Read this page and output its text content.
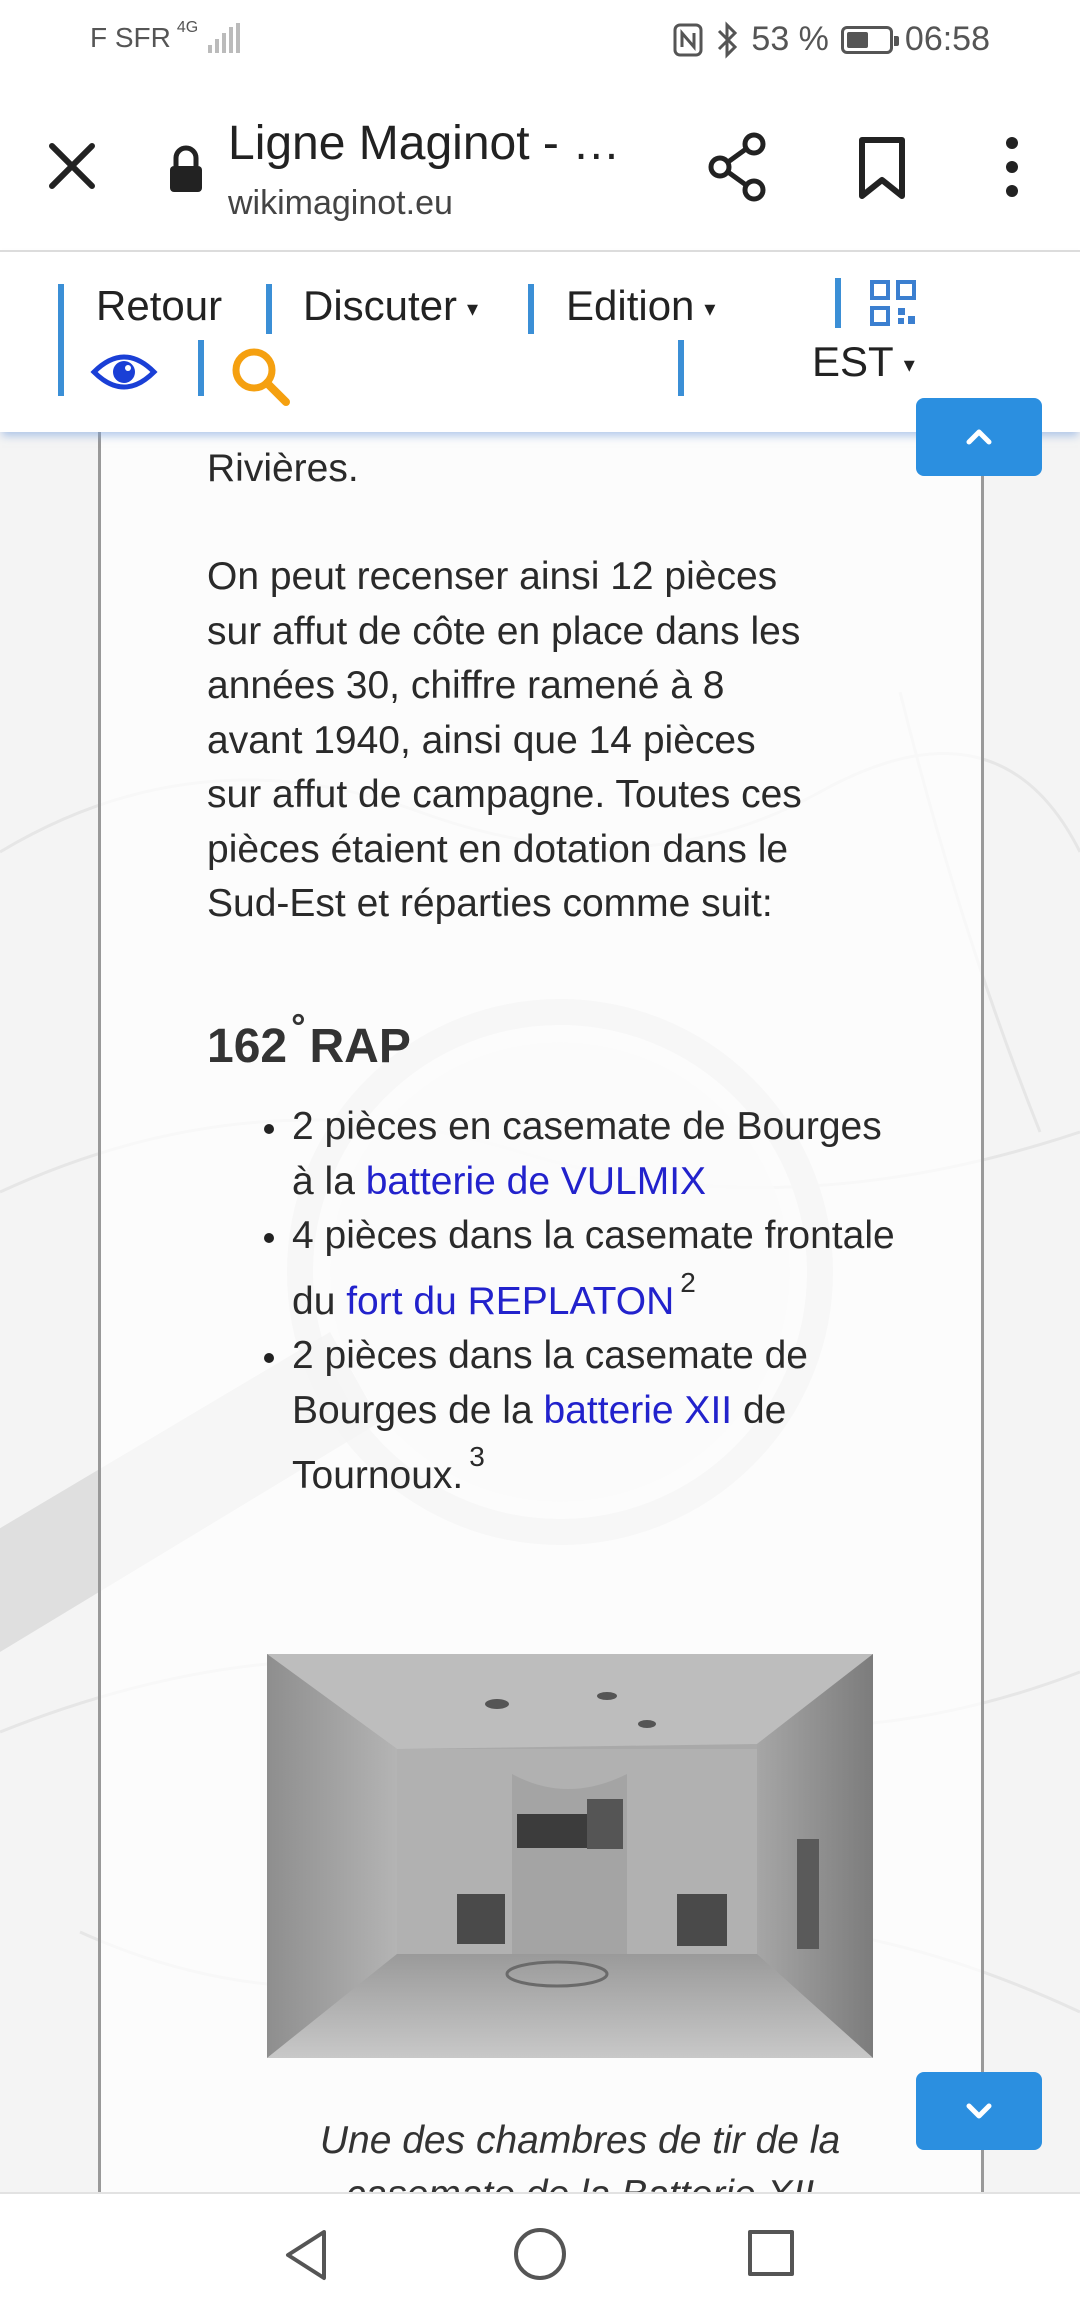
F SFR 4G	53 % 06:58
Ligne Maginot - …
wikimaginot.eu
Retour Discuter ▾ Edition ▾
EST ▾
Rivières.
On peut recenser ainsi 12 pièces
sur affut de côte en place dans les
années 30, chiffre ramené à 8
avant 1940, ainsi que 14 pièces
sur affut de campagne. Toutes ces
pièces étaient en dotation dans le
Sud-Est et réparties comme suit:
162 °RAP
2 pièces en casemate de Bourges à la batterie de VULMIX
4 pièces dans la casemate frontale du fort du REPLATON $^2$
2 pièces dans la casemate de Bourges de la batterie XII de Tournoux. $^3$
Une des chambres de tir de la
